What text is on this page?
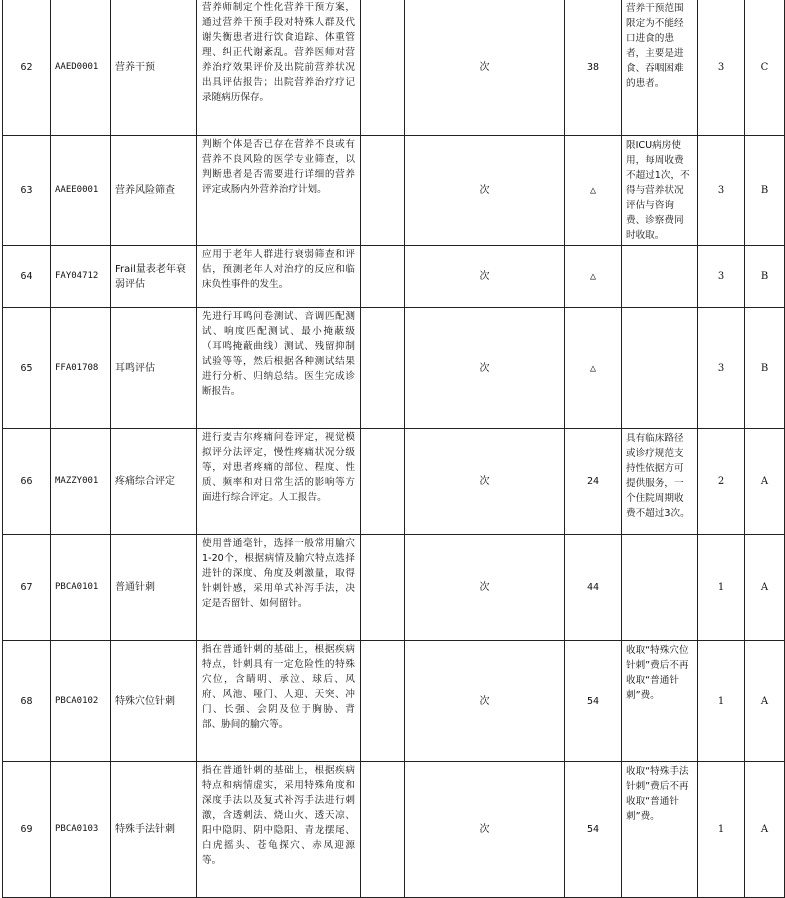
62	AAED0001	营养干预	营养师制定个性化营养干预方案，通过营养干预手段对特殊人群及代谢失衡患者进行饮食追踪、体重管理、纠正代谢紊乱。营养医师对营养治疗效果评价及出院前营养状况出具评估报告；出院营养治疗疗记录随病历保存。		次	38	营养干预范围限定为不能经口进食的患者，主要是进食、吞咽困难的患者。	3	C
63	AAEE0001	营养风险筛查	判断个体是否已存在营养不良或有营养不良风险的医学专业筛查，以判断患者是否需要进行详细的营养评定或肠内外营养治疗计划。		次	△	限ICU病房使用，每周收费不超过1次，不得与营养状况评估与咨询费、诊察费同时收取。	3	B
64	FAY04712	Frail量表老年衰弱评估	应用于老年人群进行衰弱筛查和评估，预测老年人对治疗的反应和临床负性事件的发生。		次	△		3	B
65	FFA01708	耳鸣评估	先进行耳鸣问卷测试、音调匹配测试、响度匹配测试、最小掩蔽级（耳鸣掩蔽曲线）测试、残留抑制试验等等，然后根据各种测试结果进行分析、归纳总结。医生完成诊断报告。		次	△		3	B
66	MAZZY001	疼痛综合评定	进行麦吉尔疼痛问卷评定，视觉模拟评分法评定，慢性疼痛状况分级等，对患者疼痛的部位、程度、性质、频率和对日常生活的影响等方面进行综合评定。人工报告。		次	24	具有临床路径或诊疗规范支持性依据方可提供服务，一个住院周期收费不超过3次。	2	A
67	PBCA0101	普通针刺	使用普通毫针，选择一般常用腧穴1-20个，根据病情及腧穴特点选择进针的深度、角度及刺激量，取得针刺针感，采用单式补泻手法，决定是否留针、如何留针。		次	44		1	A
68	PBCA0102	特殊穴位针刺	指在普通针刺的基础上，根据疾病特点，针刺具有一定危险性的特殊穴位，含睛明、承泣、球后、风府、风池、哑门、人迎、天突、冲门、长强、会阴及位于胸胁、背部、胁间的腧穴等。		次	54	收取“特殊穴位针刺”费后不再收取“普通针刺”费。	1	A
69	PBCA0103	特殊手法针刺	指在普通针刺的基础上，根据疾病特点和病情虚实，采用特殊角度和深度手法以及复式补泻手法进行刺激，含透刺法、烧山火、透天凉、阳中隐阴、阴中隐阳、青龙摆尾、白虎摇头、苍龟探穴、赤凤迎源等。		次	54	收取“特殊手法针刺”费后不再收取“普通针刺”费。	1	A
